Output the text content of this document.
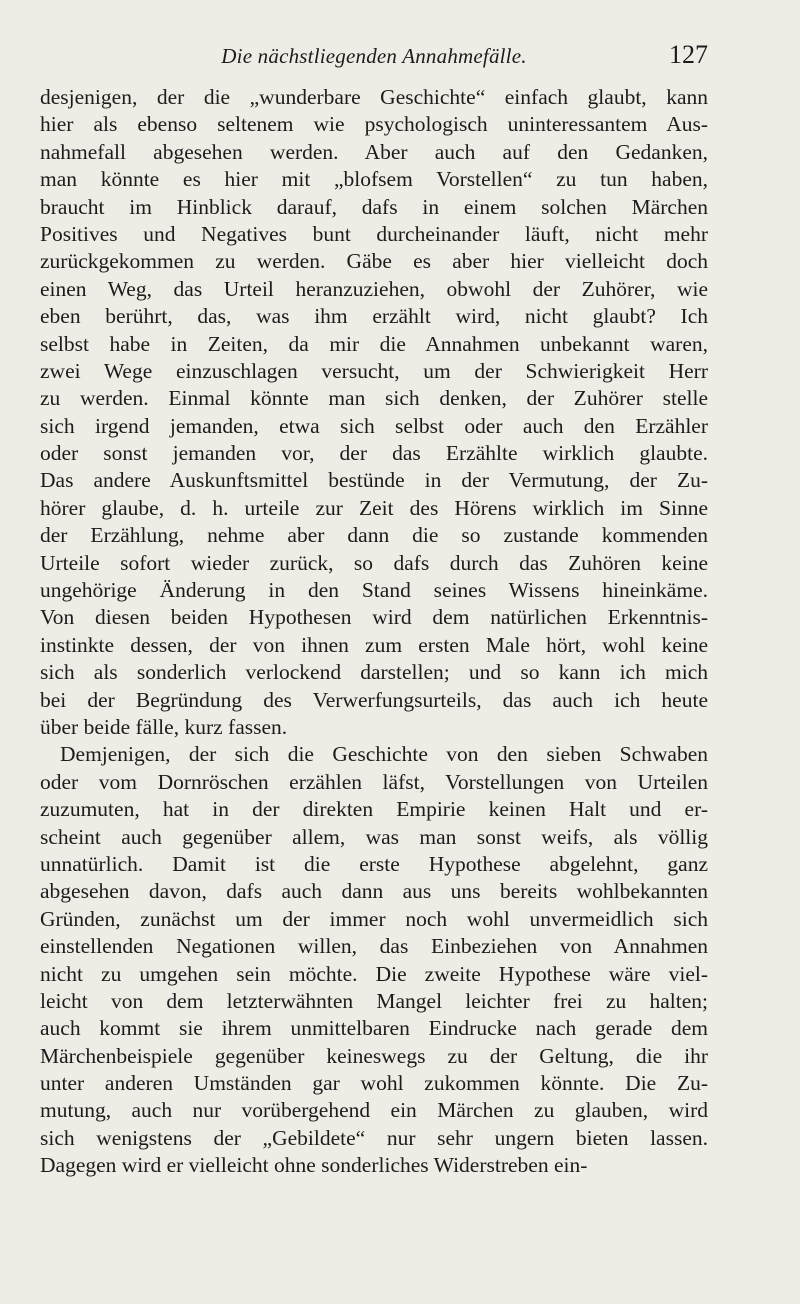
Die nächstliegenden Annahmefälle.	127
desjenigen, der die „wunderbare Geschichte“ einfach glaubt, kann
hier als ebenso seltenem wie psychologisch uninteressantem Aus-
nahmefall abgesehen werden. Aber auch auf den Gedanken,
man könnte es hier mit „blofsem Vorstellen“ zu tun haben,
braucht im Hinblick darauf, dafs in einem solchen Märchen
Positives und Negatives bunt durcheinander läuft, nicht mehr
zurückgekommen zu werden. Gäbe es aber hier vielleicht doch
einen Weg, das Urteil heranzuziehen, obwohl der Zuhörer, wie
eben berührt, das, was ihm erzählt wird, nicht glaubt? Ich
selbst habe in Zeiten, da mir die Annahmen unbekannt waren,
zwei Wege einzuschlagen versucht, um der Schwierigkeit Herr
zu werden. Einmal könnte man sich denken, der Zuhörer stelle
sich irgend jemanden, etwa sich selbst oder auch den Erzähler
oder sonst jemanden vor, der das Erzählte wirklich glaubte.
Das andere Auskunftsmittel bestünde in der Vermutung, der Zu-
hörer glaube, d. h. urteile zur Zeit des Hörens wirklich im Sinne
der Erzählung, nehme aber dann die so zustande kommenden
Urteile sofort wieder zurück, so dafs durch das Zuhören keine
ungehörige Änderung in den Stand seines Wissens hineinkäme.
Von diesen beiden Hypothesen wird dem natürlichen Erkenntnis-
instinkte dessen, der von ihnen zum ersten Male hört, wohl keine
sich als sonderlich verlockend darstellen; und so kann ich mich
bei der Begründung des Verwerfungsurteils, das auch ich heute
über beide fälle, kurz fassen.
Demjenigen, der sich die Geschichte von den sieben Schwaben
oder vom Dornröschen erzählen läfst, Vorstellungen von Urteilen
zuzumuten, hat in der direkten Empirie keinen Halt und er-
scheint auch gegenüber allem, was man sonst weifs, als völlig
unnatürlich. Damit ist die erste Hypothese abgelehnt, ganz
abgesehen davon, dafs auch dann aus uns bereits wohlbekannten
Gründen, zunächst um der immer noch wohl unvermeidlich sich
einstellenden Negationen willen, das Einbeziehen von Annahmen
nicht zu umgehen sein möchte. Die zweite Hypothese wäre viel-
leicht von dem letzterwähnten Mangel leichter frei zu halten;
auch kommt sie ihrem unmittelbaren Eindrucke nach gerade dem
Märchenbeispiele gegenüber keineswegs zu der Geltung, die ihr
unter anderen Umständen gar wohl zukommen könnte. Die Zu-
mutung, auch nur vorübergehend ein Märchen zu glauben, wird
sich wenigstens der „Gebildete“ nur sehr ungern bieten lassen.
Dagegen wird er vielleicht ohne sonderliches Widerstreben ein-
